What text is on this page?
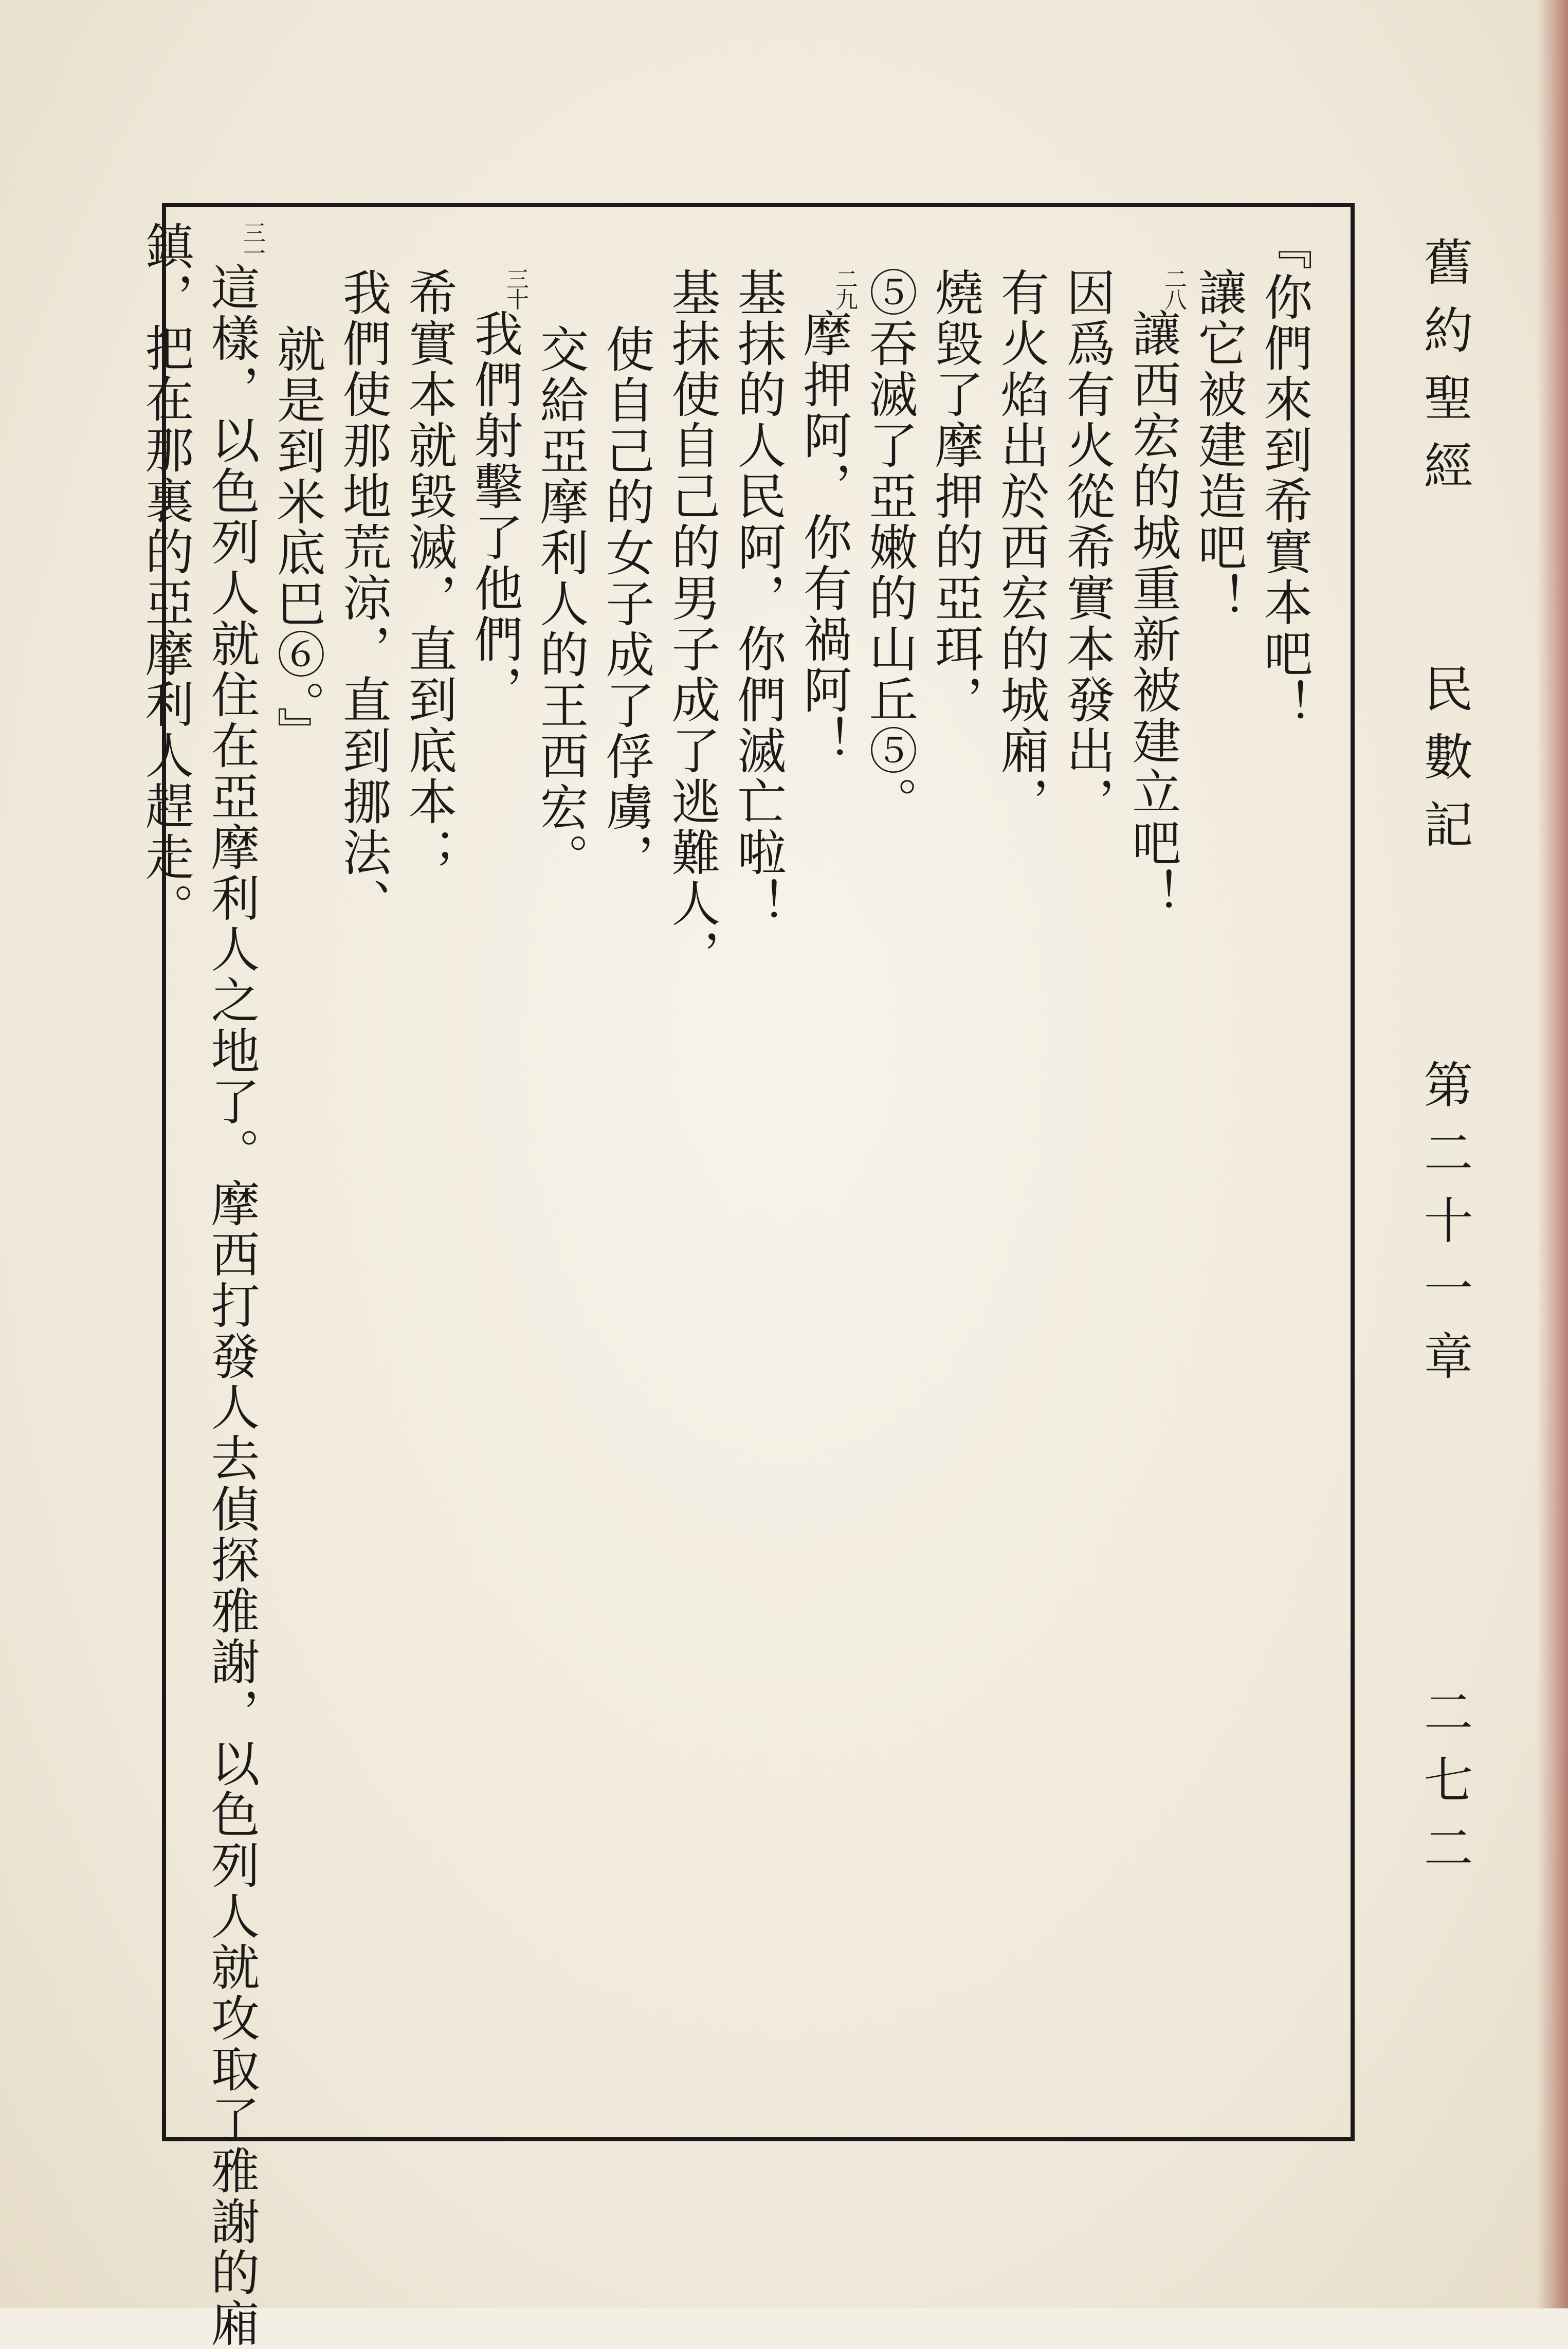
舊約聖經
民數記
第二十一章
二七二
『你們來到希實本吧！
讓它被建造吧！
$^{二八}$讓西宏的城重新被建立吧！
因爲有火從希實本發出，
有火焰出於西宏的城廂，
燒毀了摩押的亞珥，
⑤吞滅了亞嫩的山丘⑤。
$^{二九}$摩押阿，你有禍阿！
基抹的人民阿，你們滅亡啦！
基抹使自己的男子成了逃難人，
使自己的女子成了俘虜，
交給亞摩利人的王西宏。
$^{三十}$我們射擊了他們，
希實本就毀滅，直到底本；
我們使那地荒涼，直到挪法、
就是到米底巴⑥。』
$^{三一}$這樣，以色列人就住在亞摩利人之地了。摩西打發人去偵探雅謝，以色列人就攻取了雅謝的廂
鎮，把在那裏的亞摩利人趕走。
